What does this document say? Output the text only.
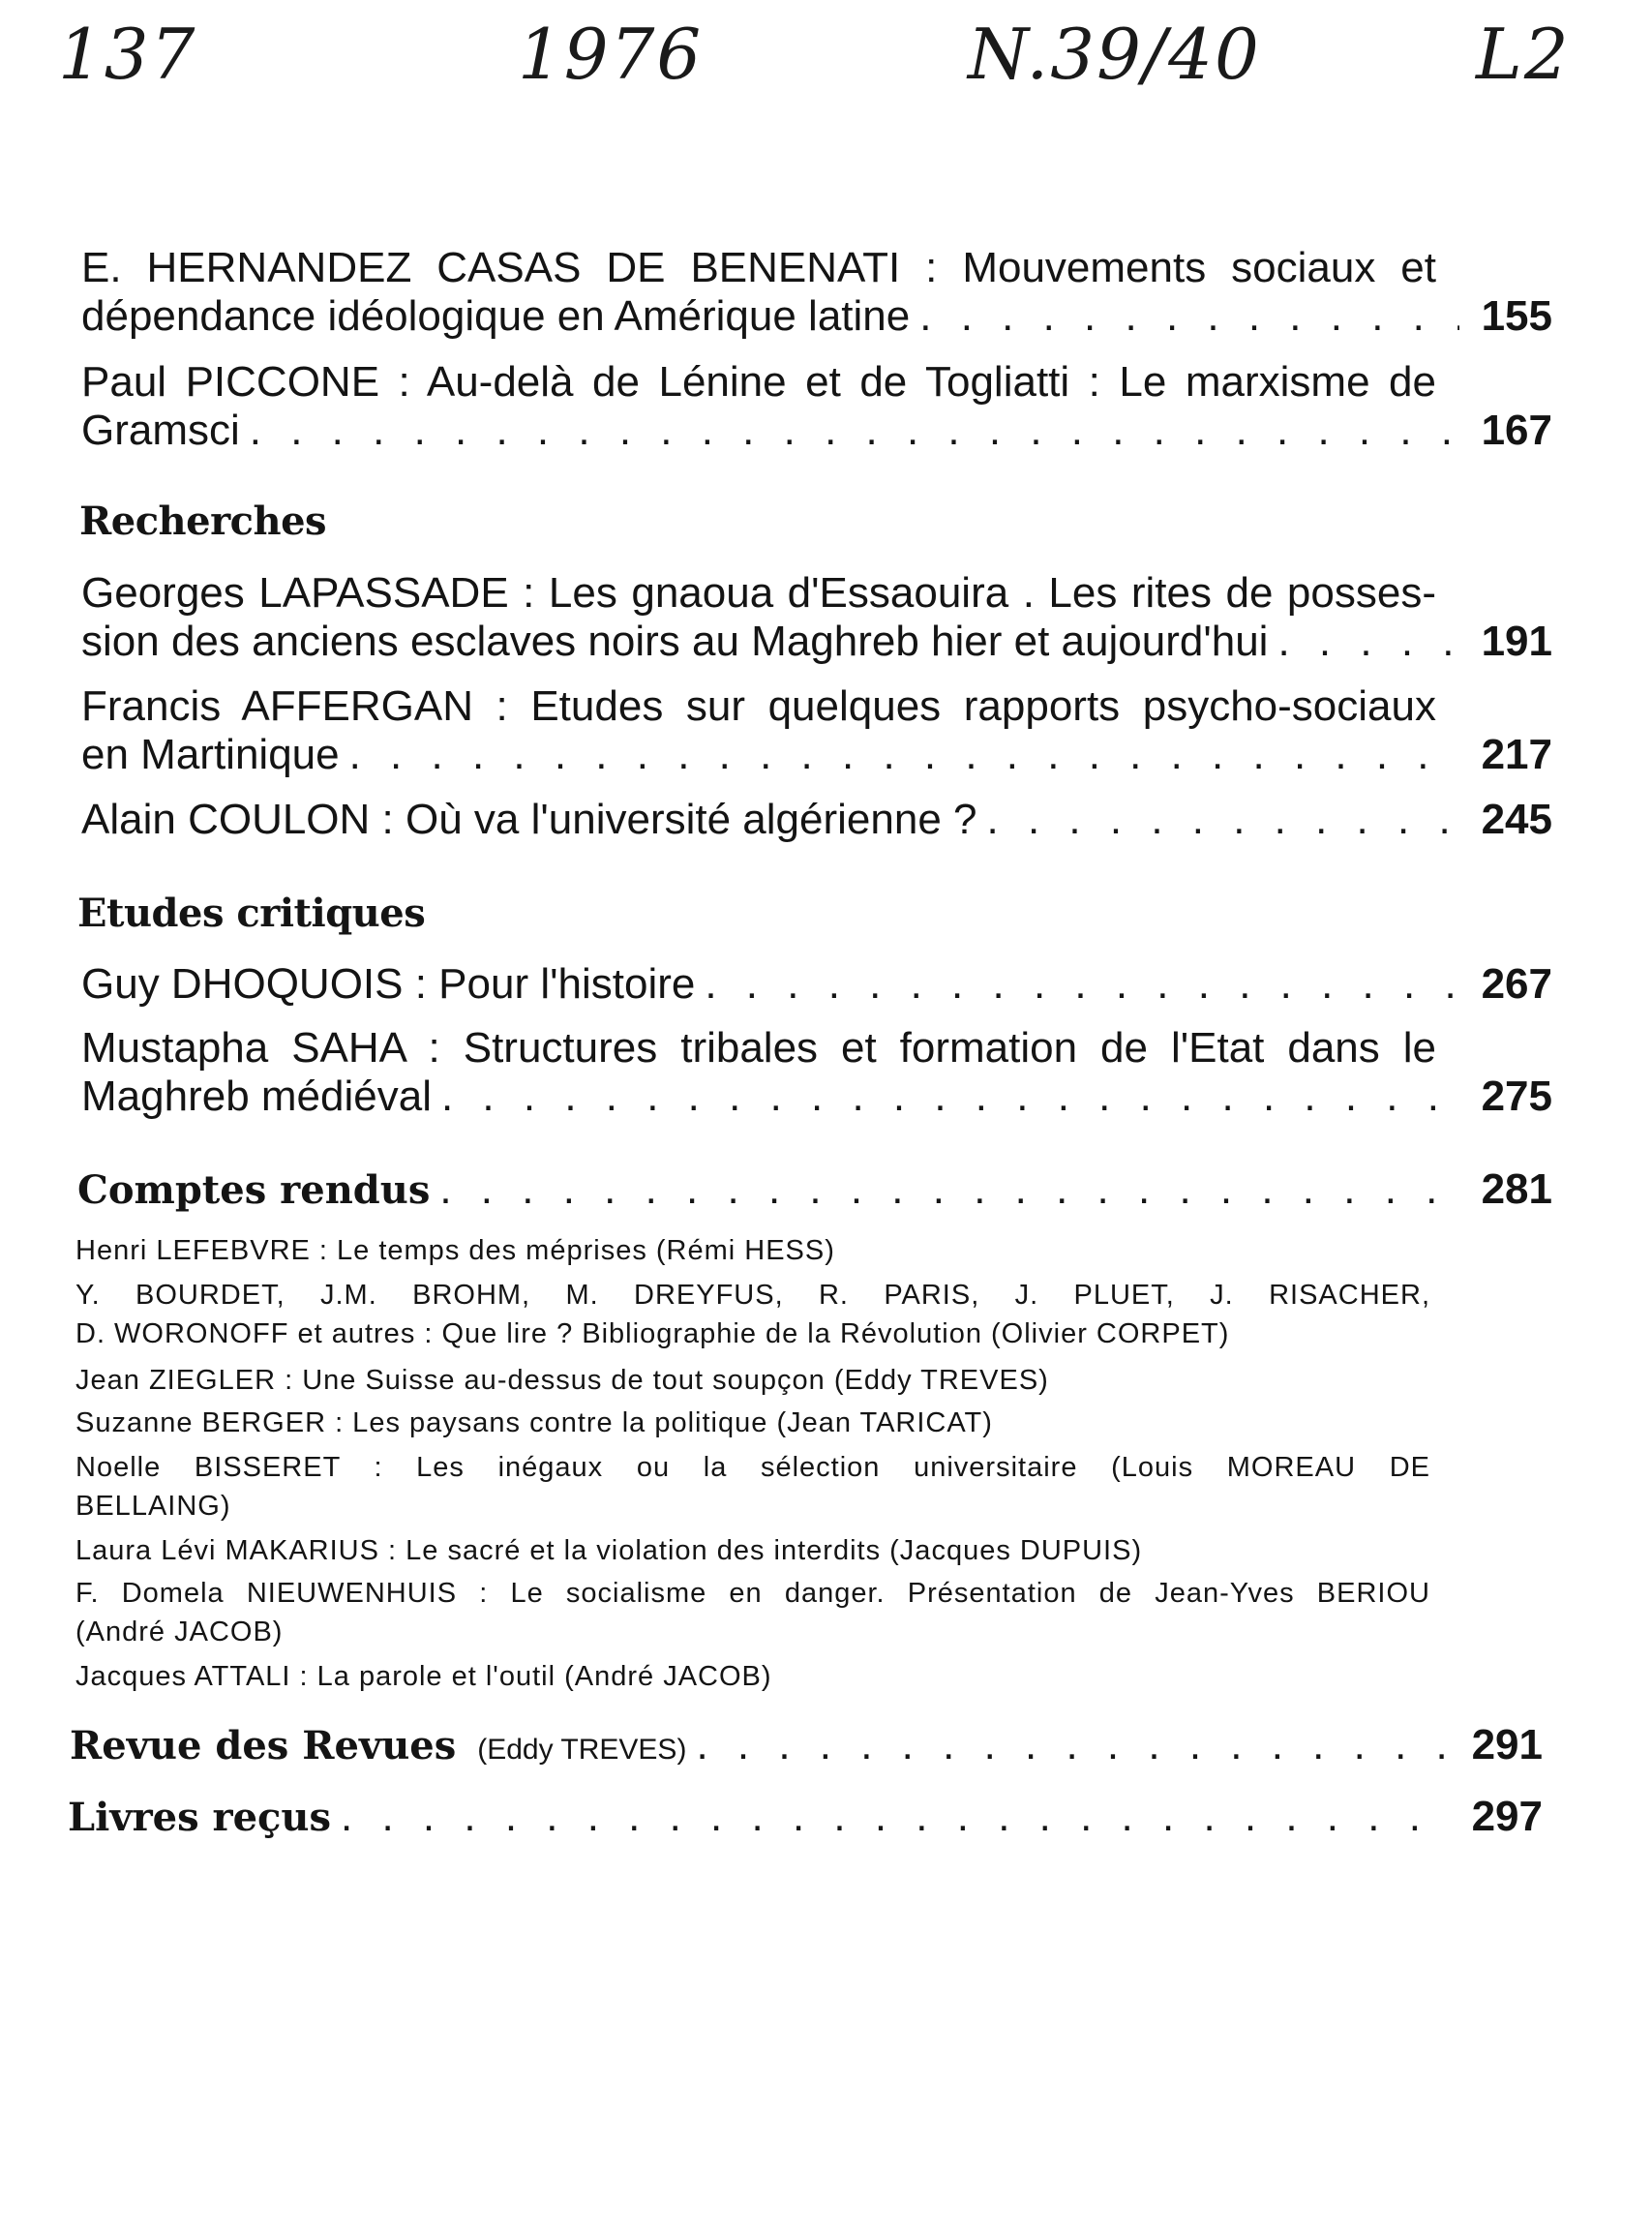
137	1976	N.39/40	L2
E. HERNANDEZ CASAS DE BENENATI : Mouvements sociaux et
dépendance idéologique en Amérique latine . . .	155
Paul PICCONE : Au-delà de Lénine et de Togliatti : Le marxisme de
Gramsci . . .	167
Recherches
Georges LAPASSADE : Les gnaoua d'Essaouira . Les rites de posses-
sion des anciens esclaves noirs au Maghreb hier et aujourd'hui . . .	191
Francis AFFERGAN : Etudes sur quelques rapports psycho-sociaux
en Martinique . . .	217
Alain COULON : Où va l'université algérienne ? . . .	245
Etudes critiques
Guy DHOQUOIS : Pour l'histoire . . .	267
Mustapha SAHA : Structures tribales et formation de l'Etat dans le
Maghreb médiéval . . .	275
Comptes rendus . . .	281
Henri LEFEBVRE : Le temps des méprises (Rémi HESS)
Y. BOURDET, J.M. BROHM, M. DREYFUS, R. PARIS, J. PLUET, J. RISACHER,
D. WORONOFF et autres : Que lire ? Bibliographie de la Révolution (Olivier CORPET)
Jean ZIEGLER : Une Suisse au-dessus de tout soupçon (Eddy TREVES)
Suzanne BERGER : Les paysans contre la politique (Jean TARICAT)
Noelle BISSERET : Les inégaux ou la sélection universitaire (Louis MOREAU DE
BELLAING)
Laura Lévi MAKARIUS : Le sacré et la violation des interdits (Jacques DUPUIS)
F. Domela NIEUWENHUIS : Le socialisme en danger. Présentation de Jean-Yves BERIOU
(André JACOB)
Jacques ATTALI : La parole et l'outil (André JACOB)
Revue des Revues (Eddy TREVES) . . .	291
Livres reçus . . .	297
